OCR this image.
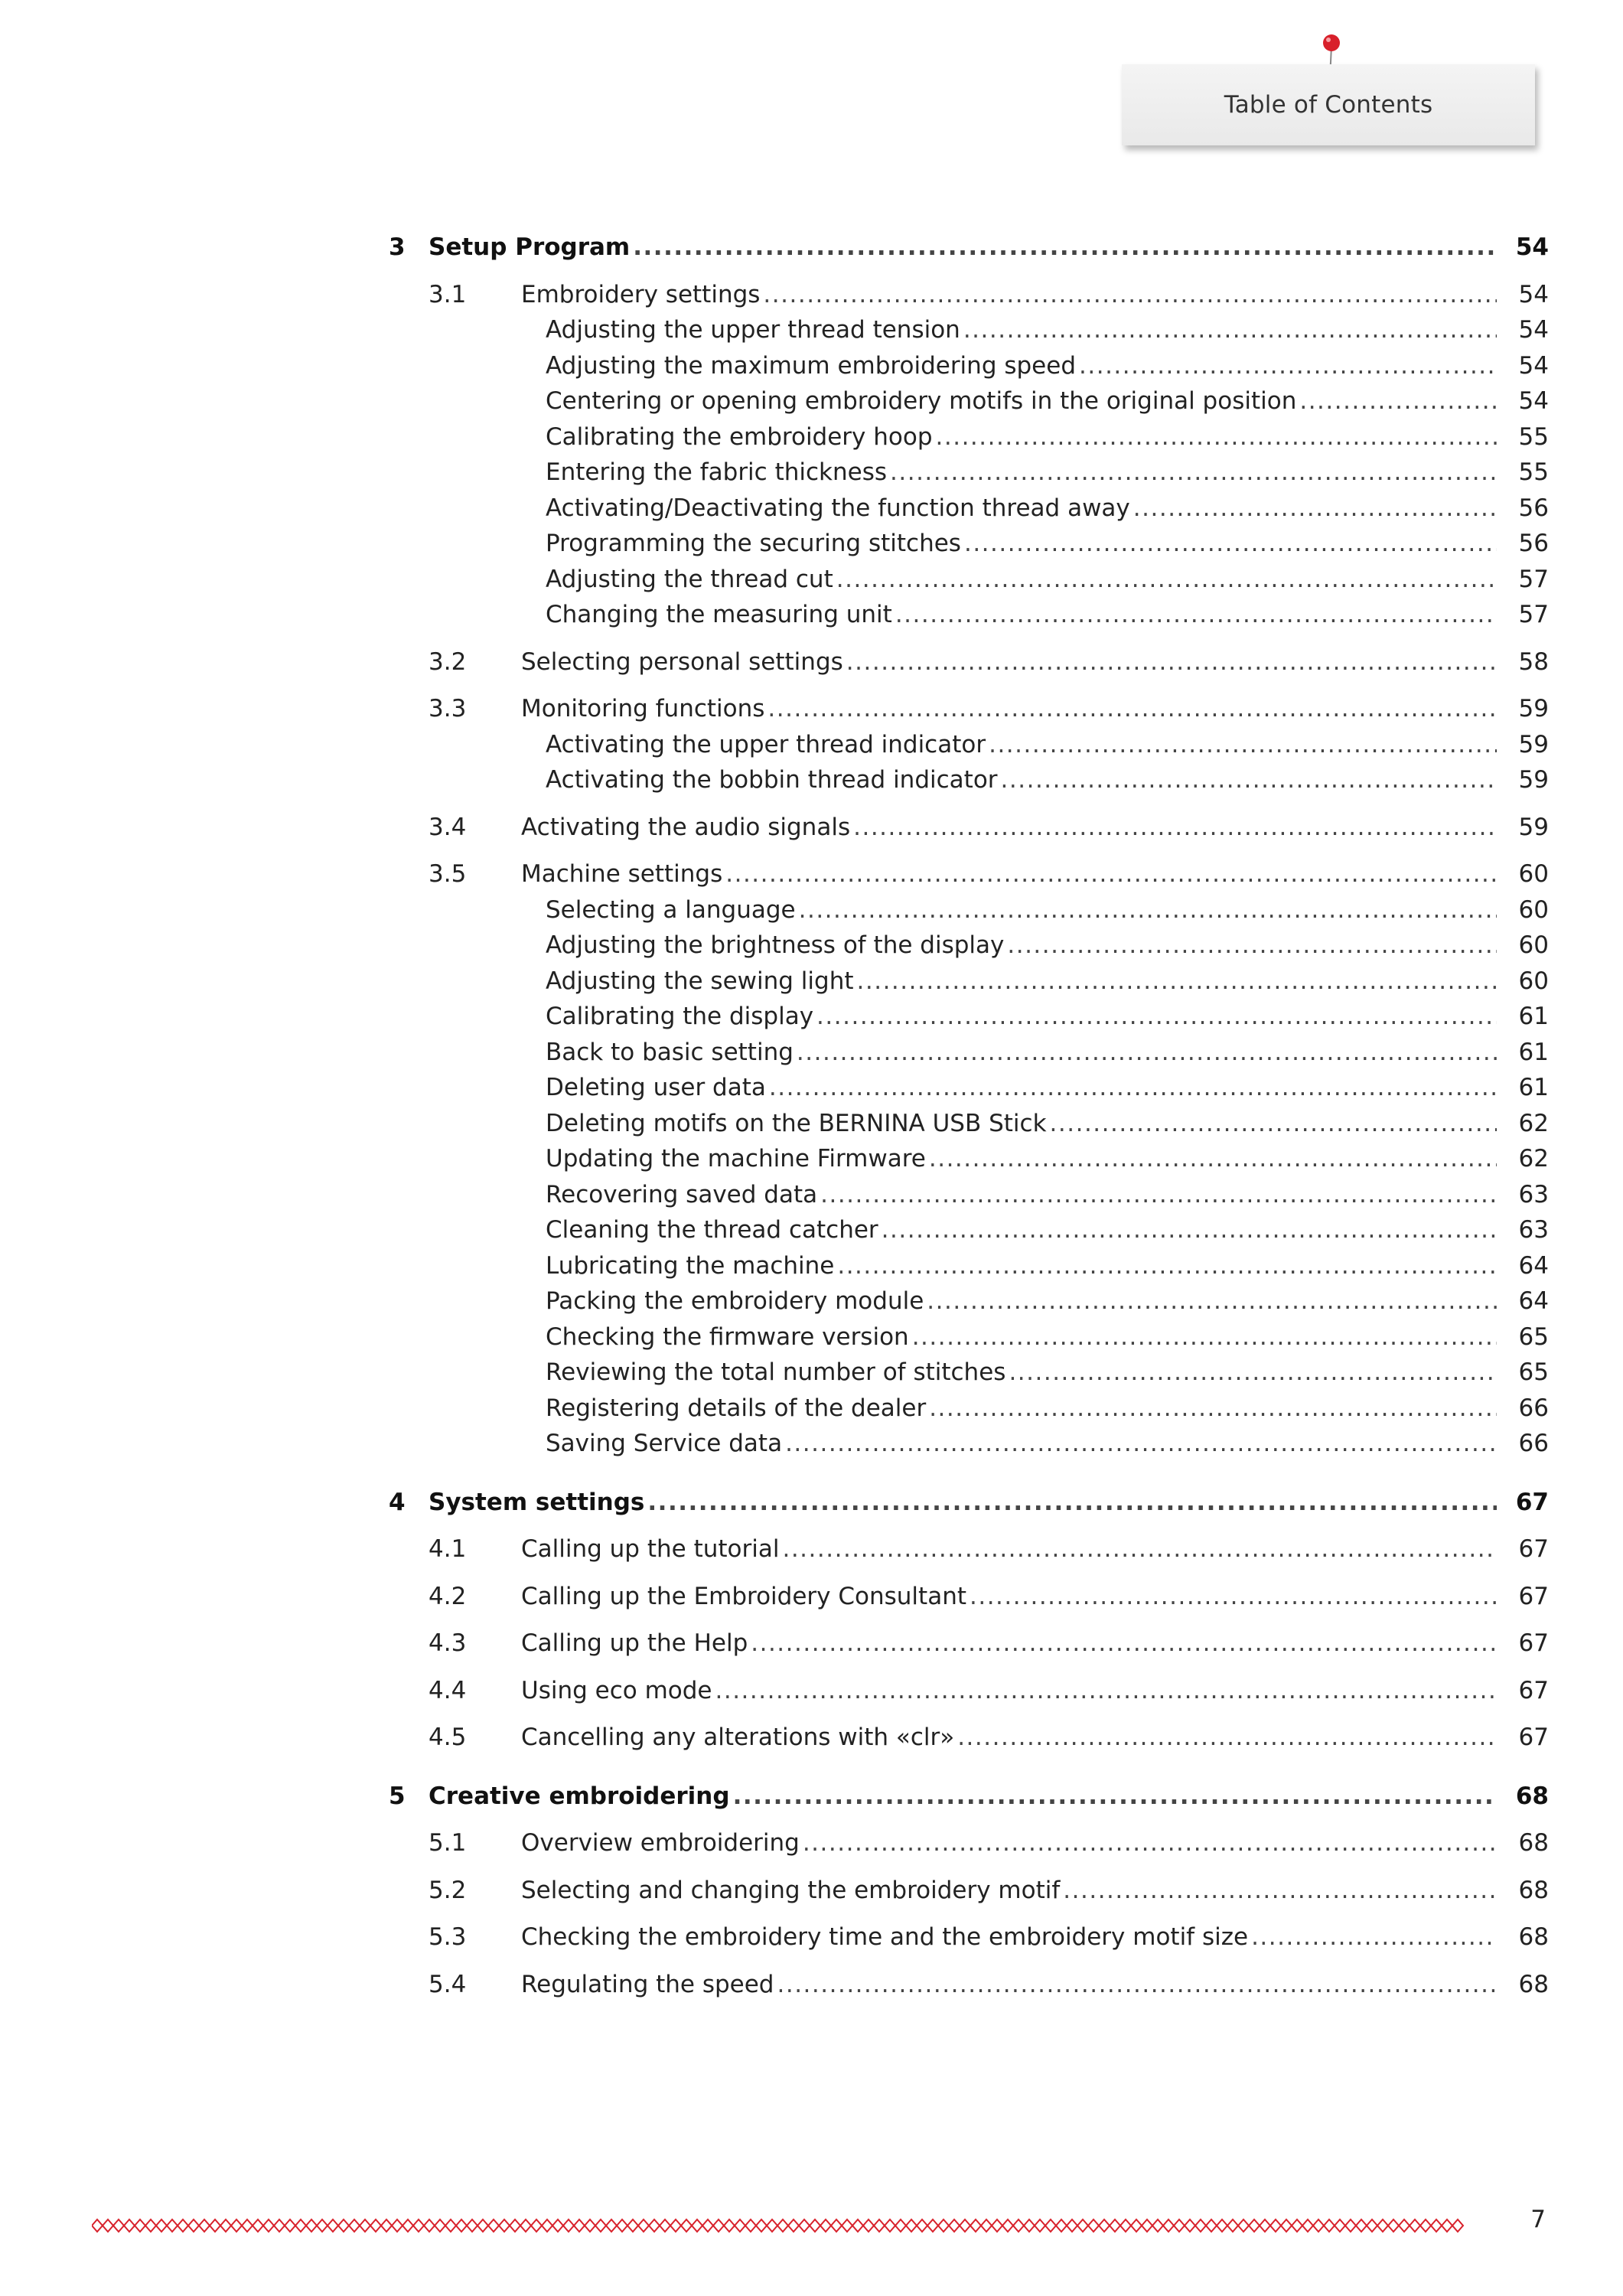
Table of Contents
3 Setup Program .....	54
3.1 Embroidery settings .....	54
Adjusting the upper thread tension .....	54
Adjusting the maximum embroidering speed .....	54
Centering or opening embroidery motifs in the original position .....	54
Calibrating the embroidery hoop .....	55
Entering the fabric thickness .....	55
Activating/Deactivating the function thread away .....	56
Programming the securing stitches .....	56
Adjusting the thread cut .....	57
Changing the measuring unit .....	57
3.2 Selecting personal settings .....	58
3.3 Monitoring functions .....	59
Activating the upper thread indicator .....	59
Activating the bobbin thread indicator .....	59
3.4 Activating the audio signals .....	59
3.5 Machine settings .....	60
Selecting a language .....	60
Adjusting the brightness of the display .....	60
Adjusting the sewing light .....	60
Calibrating the display .....	61
Back to basic setting .....	61
Deleting user data .....	61
Deleting motifs on the BERNINA USB Stick .....	62
Updating the machine Firmware .....	62
Recovering saved data .....	63
Cleaning the thread catcher .....	63
Lubricating the machine .....	64
Packing the embroidery module .....	64
Checking the firmware version .....	65
Reviewing the total number of stitches .....	65
Registering details of the dealer .....	66
Saving Service data .....	66
4 System settings .....	67
4.1 Calling up the tutorial .....	67
4.2 Calling up the Embroidery Consultant .....	67
4.3 Calling up the Help .....	67
4.4 Using eco mode .....	67
4.5 Cancelling any alterations with «clr» .....	67
5 Creative embroidering .....	68
5.1 Overview embroidering .....	68
5.2 Selecting and changing the embroidery motif .....	68
5.3 Checking the embroidery time and the embroidery motif size .....	68
5.4 Regulating the speed .....	68
7
